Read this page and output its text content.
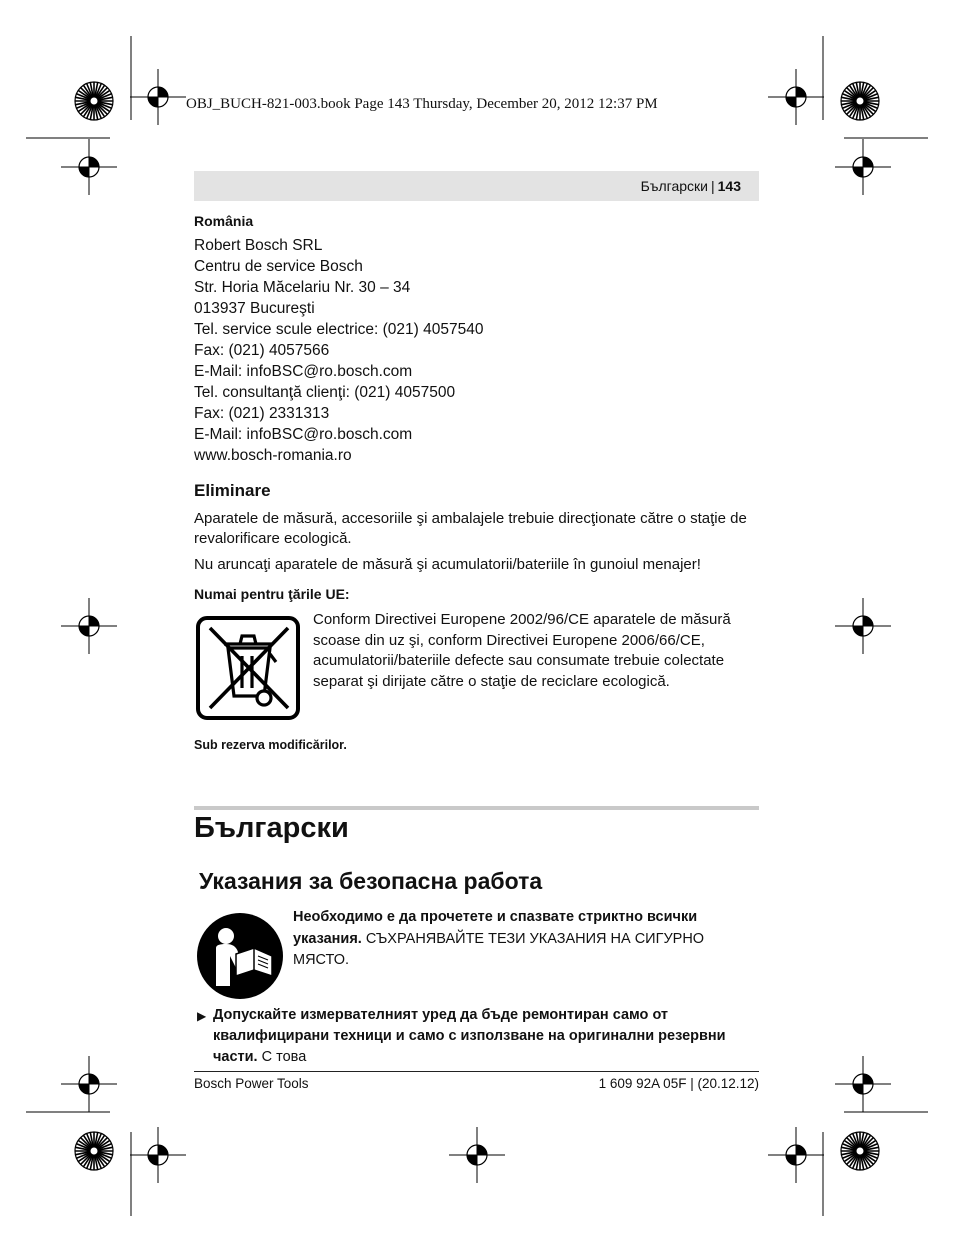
OBJ_BUCH-821-003.book Page 143 Thursday, December 20, 2012 12:37 PM
Български | 143
România
Robert Bosch SRL
Centru de service Bosch
Str. Horia Măcelariu Nr. 30 – 34
013937 Bucureşti
Tel. service scule electrice: (021) 4057540
Fax: (021) 4057566
E-Mail: infoBSC@ro.bosch.com
Tel. consultanţă clienţi: (021) 4057500
Fax: (021) 2331313
E-Mail: infoBSC@ro.bosch.com
www.bosch-romania.ro
Eliminare
Aparatele de măsură, accesoriile şi ambalajele trebuie direcţionate către o staţie de revalorificare ecologică.
Nu aruncaţi aparatele de măsură şi acumulatorii/bateriile în gunoiul menajer!
Numai pentru ţările UE:
Conform Directivei Europene 2002/96/CE aparatele de măsură scoase din uz şi, conform Directivei Europene 2006/66/CE, acumulatorii/bateriile defecte sau consumate trebuie colectate separat şi dirijate către o staţie de reciclare ecologică.
Sub rezerva modificărilor.
Български
Указания за безопасна работа
Необходимо е да прочетете и спазвате стриктно всички указания. СЪХРАНЯВАЙТЕ ТЕЗИ УКАЗАНИЯ НА СИГУРНО МЯСТО.
▶ Допускайте измервателният уред да бъде ремонтиран само от квалифицирани техници и само с използване на оригинални резервни части. С това
Bosch Power Tools	1 609 92A 05F | (20.12.12)
